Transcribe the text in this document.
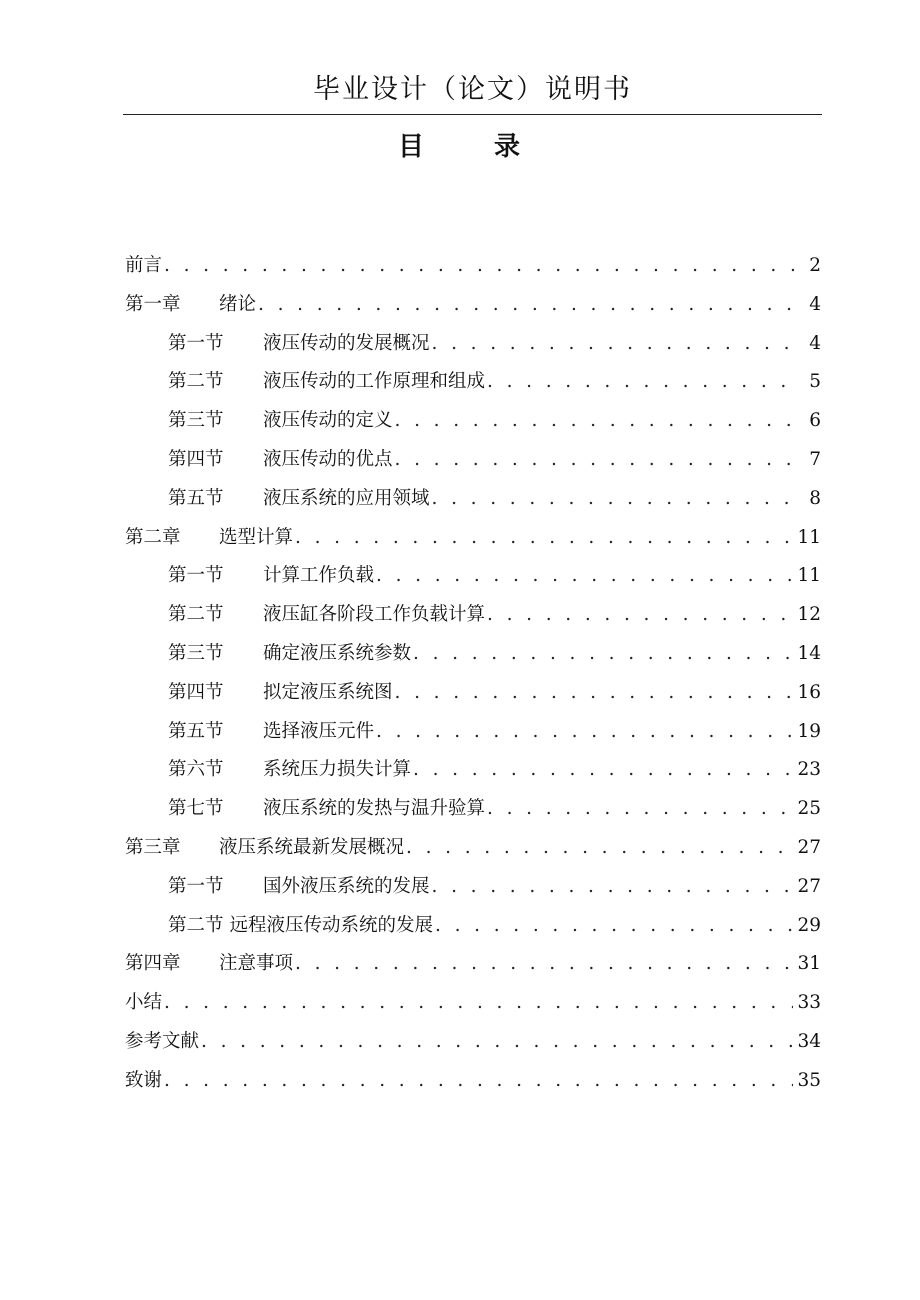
毕业设计（论文）说明书
目　录
前言 . . .	2
第一章	绪论 . . .	4
第一节	液压传动的发展概况 . . .	4
第二节	液压传动的工作原理和组成 . . .	5
第三节	液压传动的定义 . . .	6
第四节	液压传动的优点 . . .	7
第五节	液压系统的应用领域 . . .	8
第二章	选型计算 . . .	11
第一节	计算工作负载 . . .	11
第二节	液压缸各阶段工作负载计算 . . .	12
第三节	确定液压系统参数 . . .	14
第四节	拟定液压系统图 . . .	16
第五节	选择液压元件 . . .	19
第六节	系统压力损失计算 . . .	23
第七节	液压系统的发热与温升验算 . . .	25
第三章	液压系统最新发展概况 . . .	27
第一节	国外液压系统的发展 . . .	27
第二节 远程液压传动系统的发展 . . .	29
第四章	注意事项 . . .	31
小结 . . .	33
参考文献 . . .	34
致谢 . . .	35
